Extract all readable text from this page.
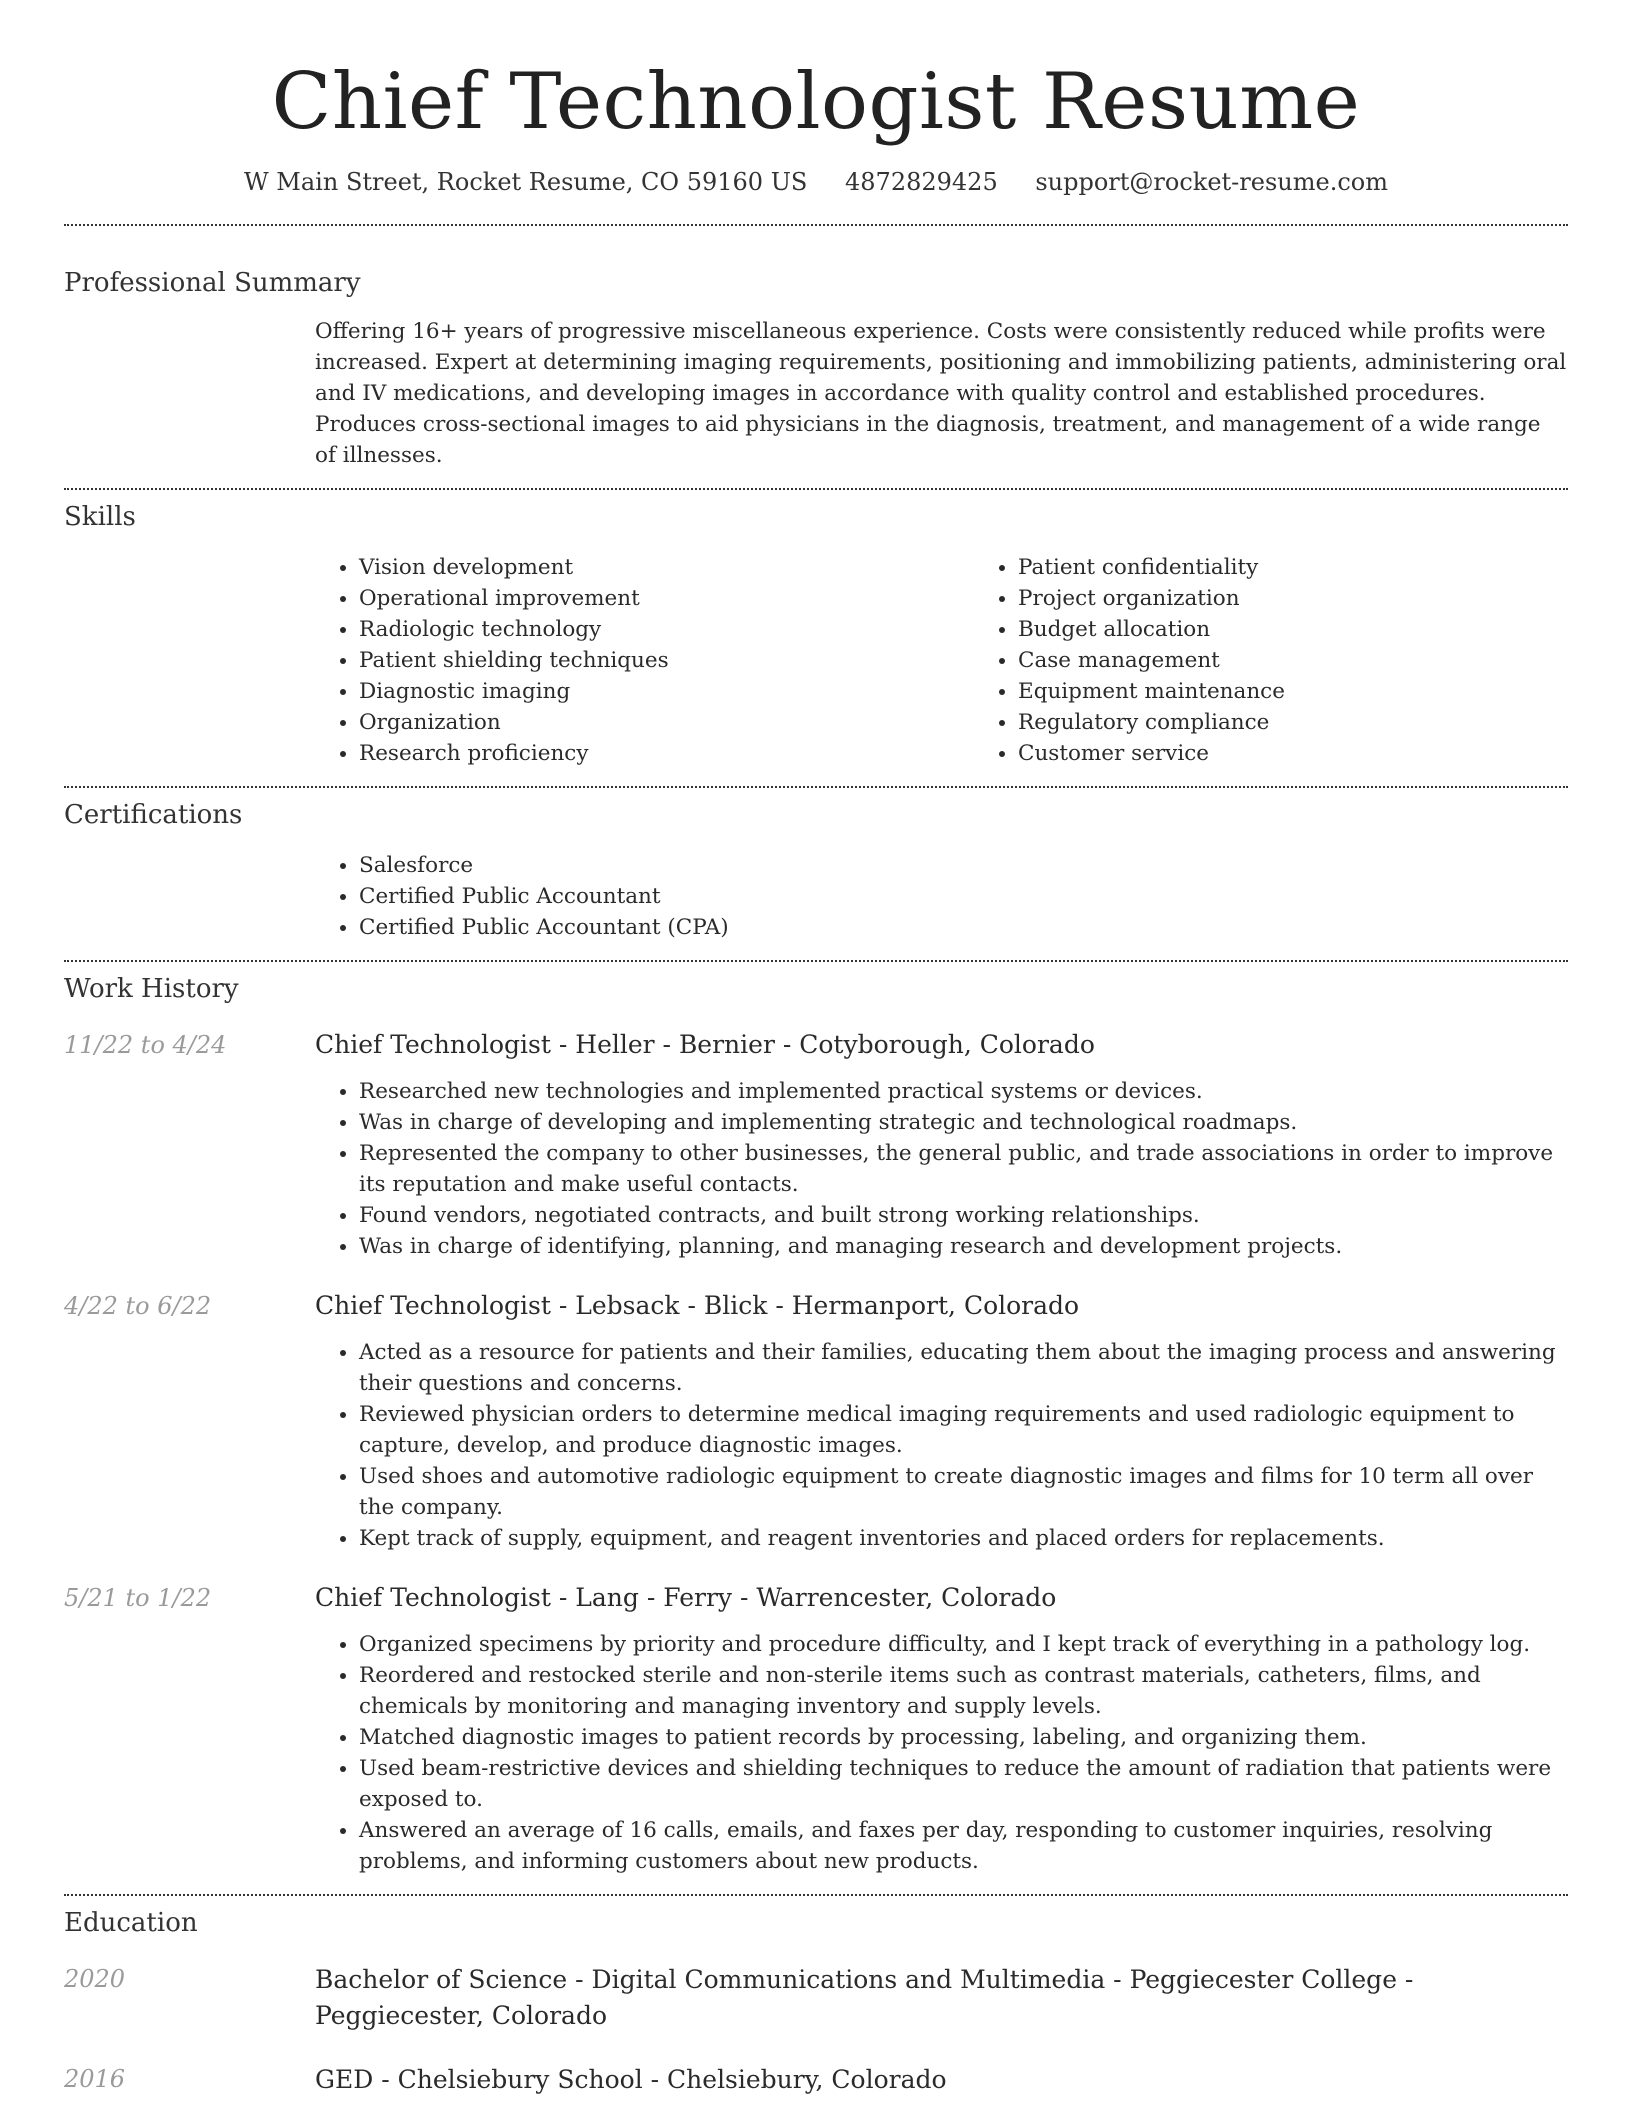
Chief Technologist Resume
W Main Street, Rocket Resume, CO 59160 US 4872829425 support@rocket-resume.com
Professional Summary

Offering 16+ years of progressive miscellaneous experience. Costs were consistently reduced while profits were increased. Expert at determining imaging requirements, positioning and immobilizing patients, administering oral and IV medications, and developing images in accordance with quality control and established procedures. Produces cross-sectional images to aid physicians in the diagnosis, treatment, and management of a wide range of illnesses.

Skills
• Vision development
• Operational improvement
• Radiologic technology
• Patient shielding techniques
• Diagnostic imaging
• Organization
• Research proficiency
• Patient confidentiality
• Project organization
• Budget allocation
• Case management
• Equipment maintenance
• Regulatory compliance
• Customer service
Certifications
• Salesforce
• Certified Public Accountant
• Certified Public Accountant (CPA)
Work History
11/22 to 4/24	Chief Technologist - Heller - Bernier - Cotyborough, Colorado
• Researched new technologies and implemented practical systems or devices.
• Was in charge of developing and implementing strategic and technological roadmaps.
• Represented the company to other businesses, the general public, and trade associations in order to improve its reputation and make useful contacts.
• Found vendors, negotiated contracts, and built strong working relationships.
• Was in charge of identifying, planning, and managing research and development projects.
4/22 to 6/22	Chief Technologist - Lebsack - Blick - Hermanport, Colorado
• Acted as a resource for patients and their families, educating them about the imaging process and answering their questions and concerns.
• Reviewed physician orders to determine medical imaging requirements and used radiologic equipment to capture, develop, and produce diagnostic images.
• Used shoes and automotive radiologic equipment to create diagnostic images and films for 10 term all over the company.
• Kept track of supply, equipment, and reagent inventories and placed orders for replacements.
5/21 to 1/22	Chief Technologist - Lang - Ferry - Warrencester, Colorado
• Organized specimens by priority and procedure difficulty, and I kept track of everything in a pathology log.
• Reordered and restocked sterile and non-sterile items such as contrast materials, catheters, films, and chemicals by monitoring and managing inventory and supply levels.
• Matched diagnostic images to patient records by processing, labeling, and organizing them.
• Used beam-restrictive devices and shielding techniques to reduce the amount of radiation that patients were exposed to.
• Answered an average of 16 calls, emails, and faxes per day, responding to customer inquiries, resolving problems, and informing customers about new products.
Education
2020	Bachelor of Science - Digital Communications and Multimedia - Peggiecester College - Peggiecester, Colorado
2016	GED - Chelsiebury School - Chelsiebury, Colorado
